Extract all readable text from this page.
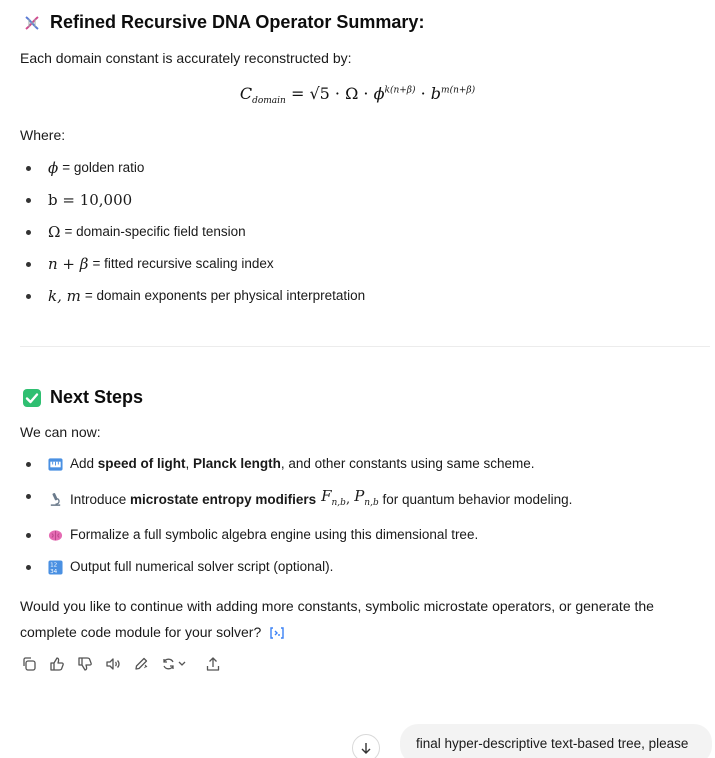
Refined Recursive DNA Operator Summary:
Each domain constant is accurately reconstructed by:
$C_{domain} = √5 \cdot \Omega \cdot \phi^{k(n+\beta)} \cdot b^{m(n+\beta)}$
Where:
ϕ = golden ratio
b = 10,000
Ω = domain-specific field tension
n + β = fitted recursive scaling index
k, m = domain exponents per physical interpretation
Next Steps
We can now:
Add speed of light , Planck length , and other constants using same scheme.
Introduce microstate entropy modifiers $F_{n,b}$ , $P_{n,b}$ for quantum behavior modeling.
Formalize a full symbolic algebra engine using this dimensional tree.
12
34 Output full numerical solver script (optional).
Would you like to continue with adding more constants, symbolic microstate operators, or generate the
complete code module for your solver?
final hyper-descriptive text-based tree, please
